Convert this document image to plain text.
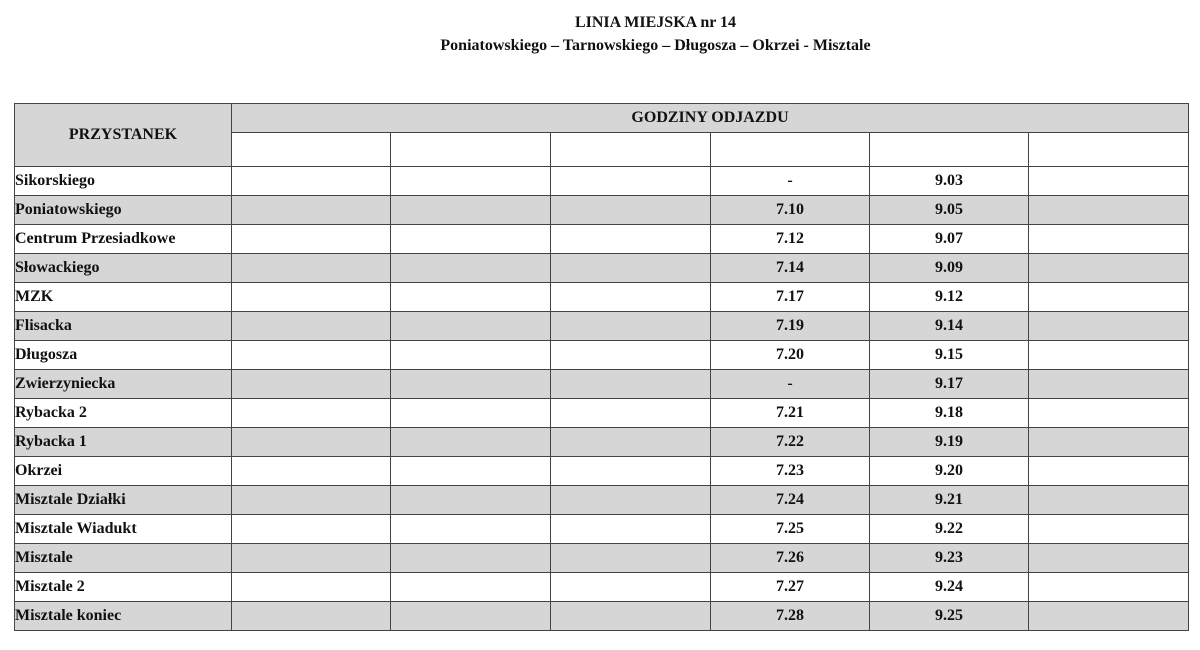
LINIA MIEJSKA nr 14
Poniatowskiego – Tarnowskiego – Długosza – Okrzei - Misztale
PRZYSTANEK	GODZINY ODJAZDU					

Sikorskiego				-	9.03	
Poniatowskiego				7.10	9.05	
Centrum Przesiadkowe				7.12	9.07	
Słowackiego				7.14	9.09	
MZK				7.17	9.12	
Flisacka				7.19	9.14	
Długosza				7.20	9.15	
Zwierzyniecka				-	9.17	
Rybacka 2				7.21	9.18	
Rybacka 1				7.22	9.19	
Okrzei				7.23	9.20	
Misztale Działki				7.24	9.21	
Misztale Wiadukt				7.25	9.22	
Misztale				7.26	9.23	
Misztale 2				7.27	9.24	
Misztale koniec				7.28	9.25	
